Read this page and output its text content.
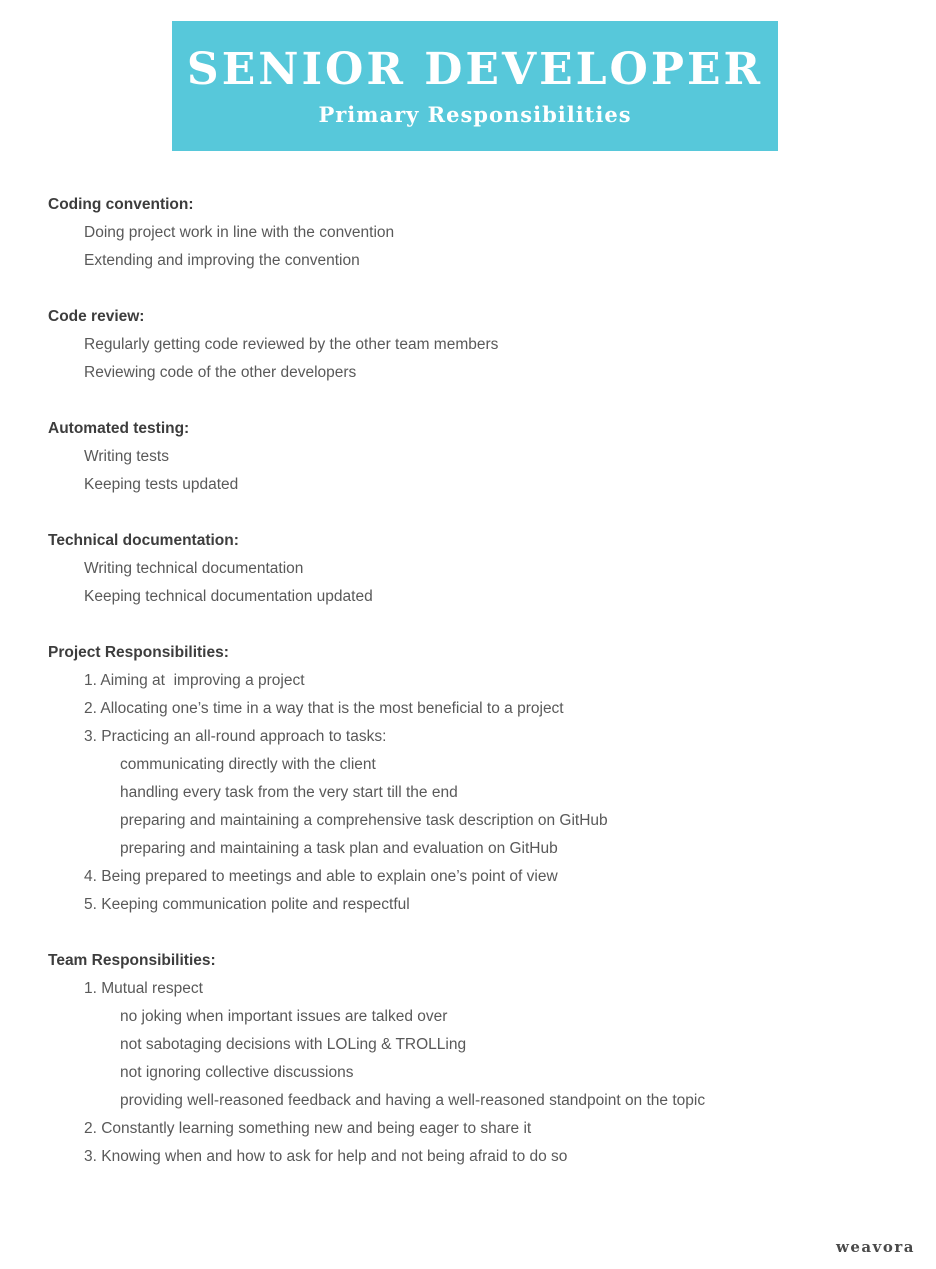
SENIOR DEVELOPER
Primary Responsibilities
Coding convention:
Doing project work in line with the convention
Extending and improving the convention
Code review:
Regularly getting code reviewed by the other team members
Reviewing code of the other developers
Automated testing:
Writing tests
Keeping tests updated
Technical documentation:
Writing technical documentation
Keeping technical documentation updated
Project Responsibilities:
1. Aiming at  improving a project
2. Allocating one’s time in a way that is the most beneficial to a project
3. Practicing an all-round approach to tasks:
communicating directly with the client
handling every task from the very start till the end
preparing and maintaining a comprehensive task description on GitHub
preparing and maintaining a task plan and evaluation on GitHub
4. Being prepared to meetings and able to explain one’s point of view
5. Keeping communication polite and respectful
Team Responsibilities:
1. Mutual respect
no joking when important issues are talked over
not sabotaging decisions with LOLing & TROLLing
not ignoring collective discussions
providing well-reasoned feedback and having a well-reasoned standpoint on the topic
2. Constantly learning something new and being eager to share it
3. Knowing when and how to ask for help and not being afraid to do so
weavora
